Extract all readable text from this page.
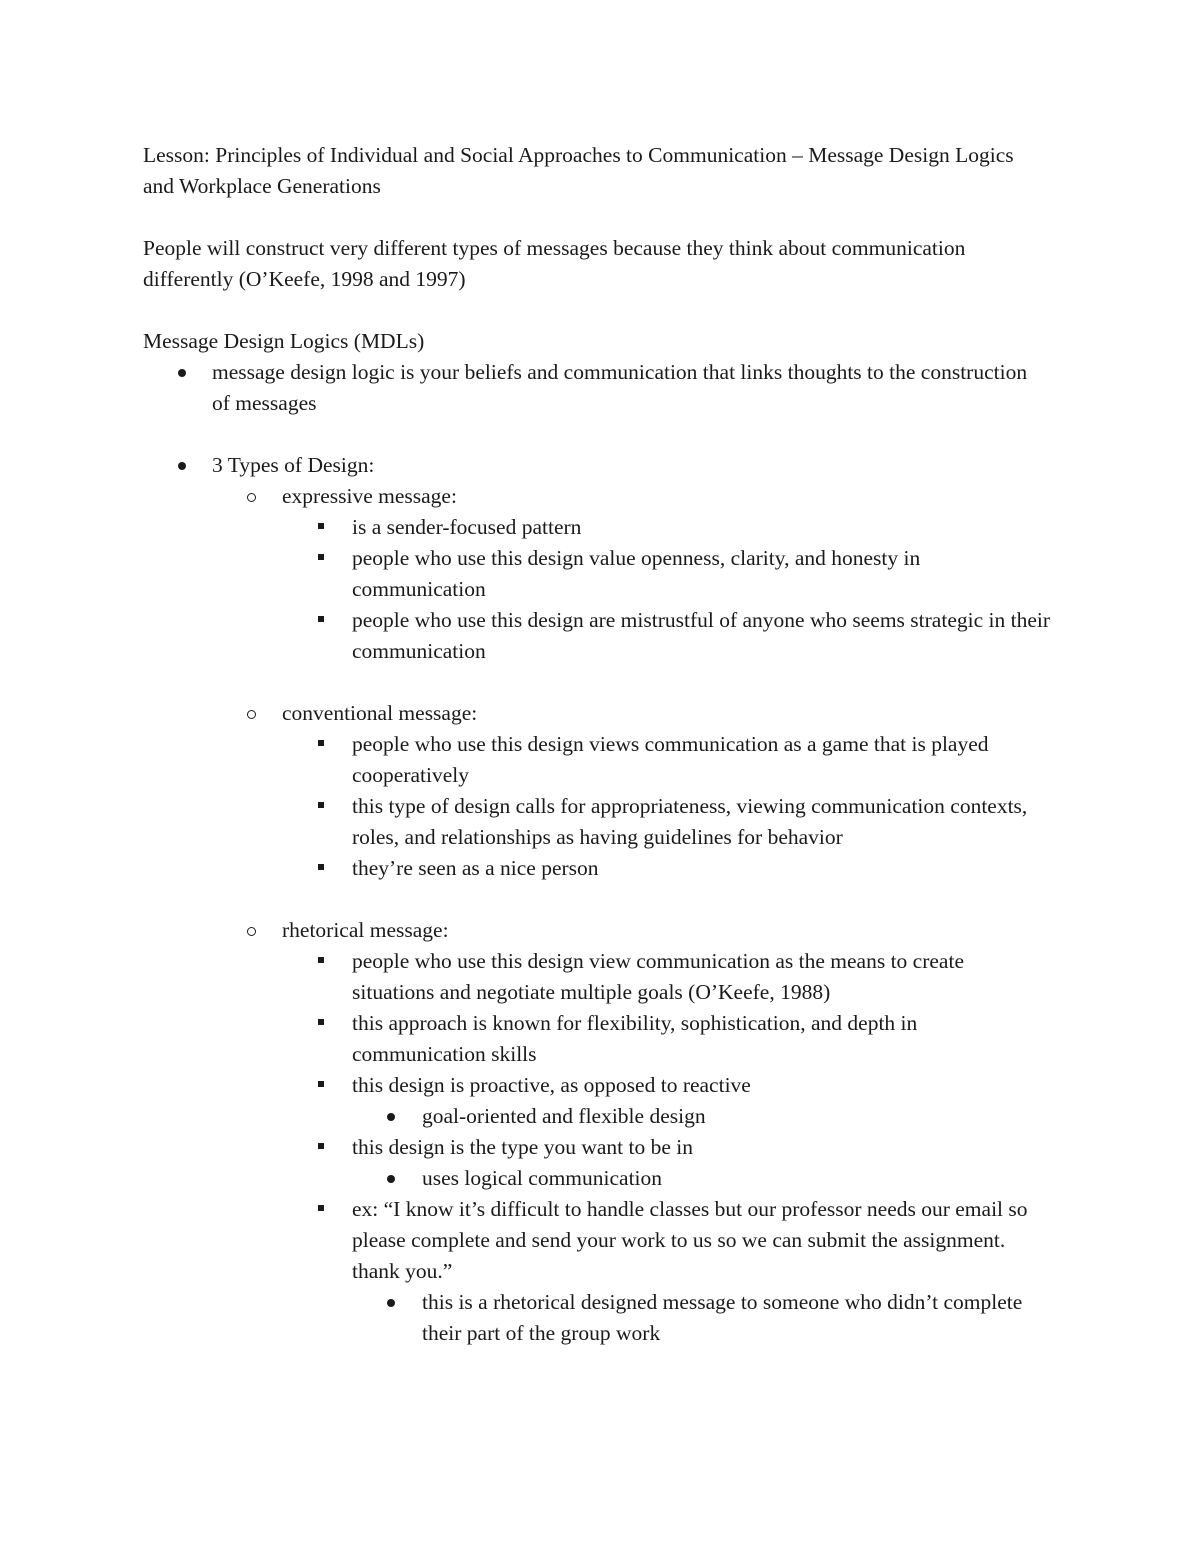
Lesson: Principles of Individual and Social Approaches to Communication – Message Design Logics and Workplace Generations

People will construct very different types of messages because they think about communication differently (O’Keefe, 1998 and 1997)

Message Design Logics (MDLs)

message design logic is your beliefs and communication that links thoughts to the construction of messages
3 Types of Design:
expressive message:
is a sender-focused pattern
people who use this design value openness, clarity, and honesty in communication
people who use this design are mistrustful of anyone who seems strategic in their communication
conventional message:
people who use this design views communication as a game that is played cooperatively
this type of design calls for appropriateness, viewing communication contexts, roles, and relationships as having guidelines for behavior
they’re seen as a nice person
rhetorical message:
people who use this design view communication as the means to create situations and negotiate multiple goals (O’Keefe, 1988)
this approach is known for flexibility, sophistication, and depth in communication skills
this design is proactive, as opposed to reactive
goal-oriented and flexible design
this design is the type you want to be in
uses logical communication
ex: “I know it’s difficult to handle classes but our professor needs our email so please complete and send your work to us so we can submit the assignment. thank you.”
this is a rhetorical designed message to someone who didn’t complete their part of the group work
